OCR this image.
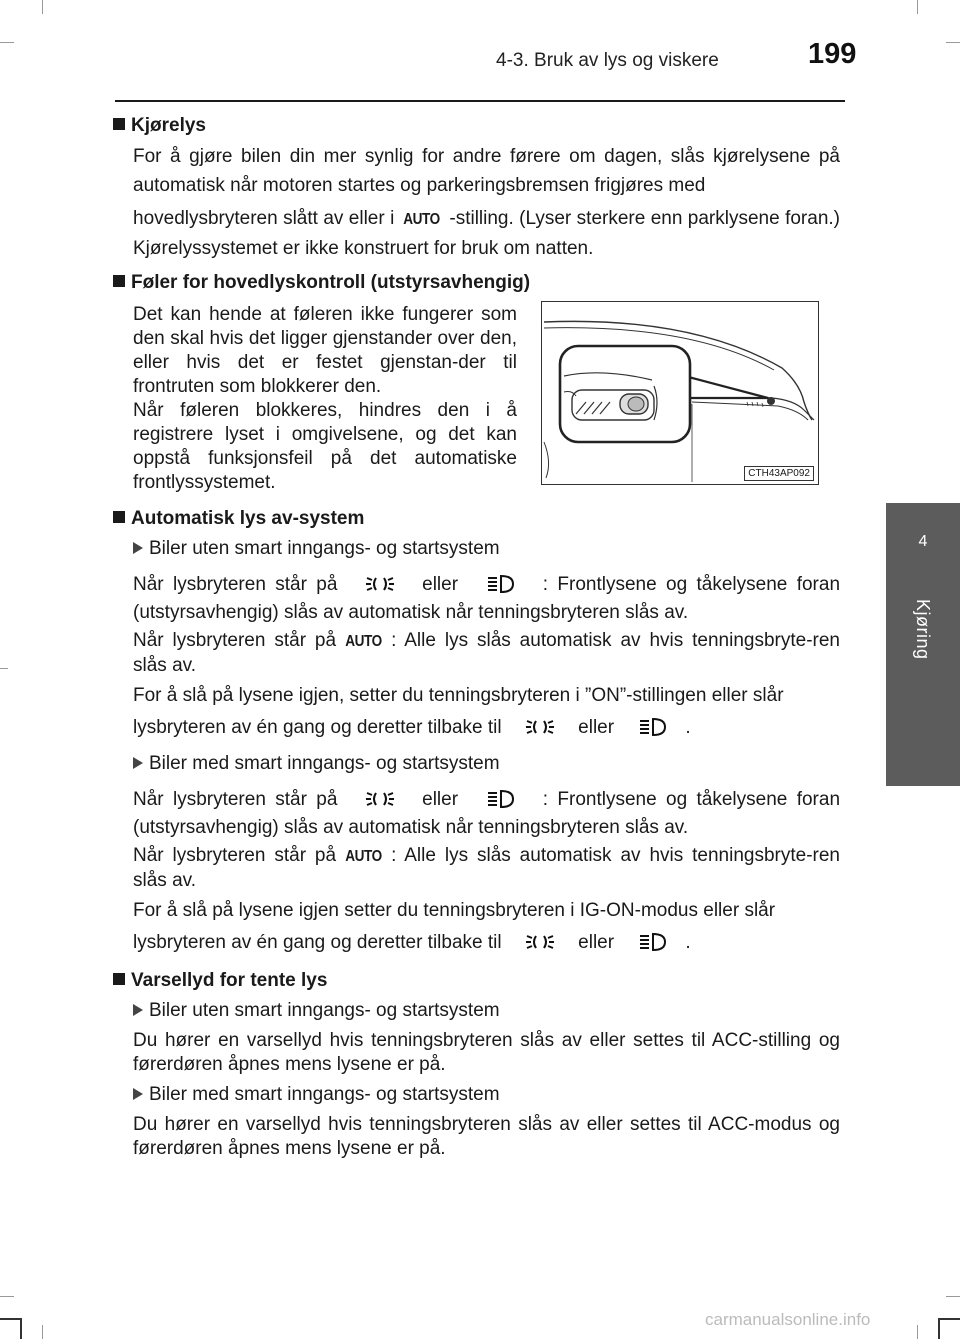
4-3. Bruk av lys og viskere	199
4
Kjøring
Kjørelys
For å gjøre bilen din mer synlig for andre førere om dagen, slås kjørelysene på automatisk når motoren startes og parkeringsbremsen frigjøres med
hovedlysbryteren slått av eller i AUTO -stilling. (Lyser sterkere enn parklysene foran.) Kjørelyssystemet er ikke konstruert for bruk om natten.
Føler for hovedlyskontroll (utstyrsavhengig)
Det kan hende at føleren ikke fungerer som den skal hvis det ligger gjenstander over den, eller hvis det er festet gjenstan-der til frontruten som blokkerer den.
Når føleren blokkeres, hindres den i å registrere lyset i omgivelsene, og det kan oppstå funksjonsfeil på det automatiske frontlyssystemet.	CTH43AP092
Automatisk lys av-system
Biler uten smart inngangs- og startsystem
Når lysbryteren står på	eller	: Frontlysene og tåkelysene foran (utstyrsavhengig) slås av automatisk når tenningsbryteren slås av.
Når lysbryteren står på AUTO : Alle lys slås automatisk av hvis tenningsbryte-ren slås av.
For å slå på lysene igjen, setter du tenningsbryteren i ”ON”-stillingen eller slår
lysbryteren av én gang og deretter tilbake til	eller	.
Biler med smart inngangs- og startsystem
Når lysbryteren står på	eller	: Frontlysene og tåkelysene foran (utstyrsavhengig) slås av automatisk når tenningsbryteren slås av.
Når lysbryteren står på AUTO : Alle lys slås automatisk av hvis tenningsbryte-ren slås av.
For å slå på lysene igjen setter du tenningsbryteren i IG-ON-modus eller slår
lysbryteren av én gang og deretter tilbake til	eller	.
Varsellyd for tente lys
Biler uten smart inngangs- og startsystem
Du hører en varsellyd hvis tenningsbryteren slås av eller settes til ACC-stilling og førerdøren åpnes mens lysene er på.
Biler med smart inngangs- og startsystem
Du hører en varsellyd hvis tenningsbryteren slås av eller settes til ACC-modus og førerdøren åpnes mens lysene er på.
carmanualsonline.info
